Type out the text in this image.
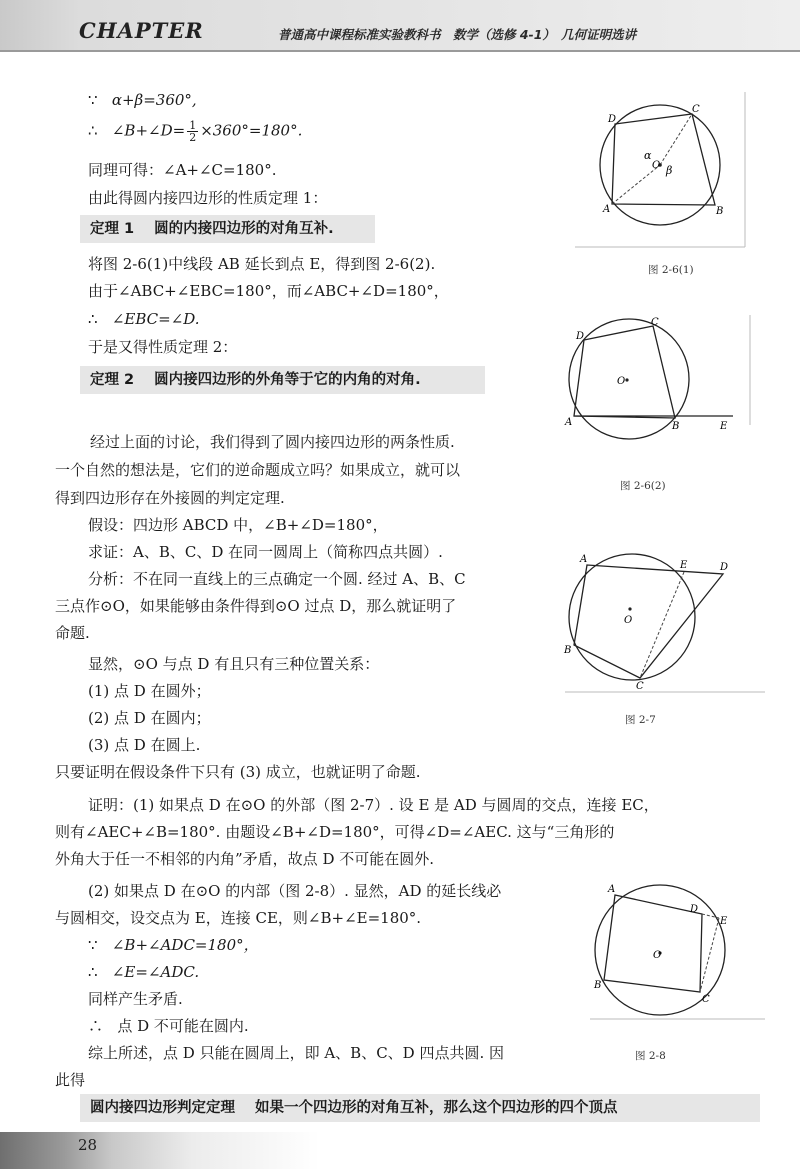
CHAPTER	普通高中课程标准实验教科书　数学（选修 4-1）　几何证明选讲
∵ α+β=360°,
∴ ∠B+∠D= $\frac{1}{2} \times 360^\circ=180^\circ$.
同理可得：∠A+∠C=180°.
由此得圆内接四边形的性质定理 1：
定理 1 圆的内接四边形的对角互补.
将图 2-6(1)中线段 AB 延长到点 E，得到图 2-6(2).
由于∠ABC+∠EBC=180°，而∠ABC+∠D=180°，
∴ ∠EBC=∠D.
于是又得性质定理 2：
定理 2 圆内接四边形的外角等于它的内角的对角.
经过上面的讨论，我们得到了圆内接四边形的两条性质.
一个自然的想法是，它们的逆命题成立吗？如果成立，就可以
得到四边形存在外接圆的判定定理.
假设：四边形 ABCD 中，∠B+∠D=180°，
求证：A、B、C、D 在同一圆周上（简称四点共圆）.
分析：不在同一直线上的三点确定一个圆. 经过 A、B、C
三点作⊙O，如果能够由条件得到⊙O 过点 D，那么就证明了
命题.
显然，⊙O 与点 D 有且只有三种位置关系：
(1) 点 D 在圆外；
(2) 点 D 在圆内；
(3) 点 D 在圆上.
只要证明在假设条件下只有 (3) 成立，也就证明了命题.
证明：(1) 如果点 D 在⊙O 的外部（图 2-7）. 设 E 是 AD 与圆周的交点，连接 EC，
则有∠AEC+∠B=180°. 由题设∠B+∠D=180°，可得∠D=∠AEC. 这与“三角形的
外角大于任一不相邻的内角”矛盾，故点 D 不可能在圆外.
(2) 如果点 D 在⊙O 的内部（图 2-8）. 显然，AD 的延长线必
与圆相交，设交点为 E，连接 CE，则∠B+∠E=180°.
∵ ∠B+∠ADC=180°，
∴ ∠E=∠ADC.
同样产生矛盾.
∴ 点 D 不可能在圆内.
综上所述，点 D 只能在圆周上，即 A、B、C、D 四点共圆. 因
此得
圆内接四边形判定定理 如果一个四边形的对角互补，那么这个四边形的四个顶点
D
C
A	B
O
α
β
图 2-6(1)
D
C
A	B	E
O
图 2-6(2)
A
E	D
B
C
O
图 2-7
A
D
E
B
C
O
图 2-8
28
